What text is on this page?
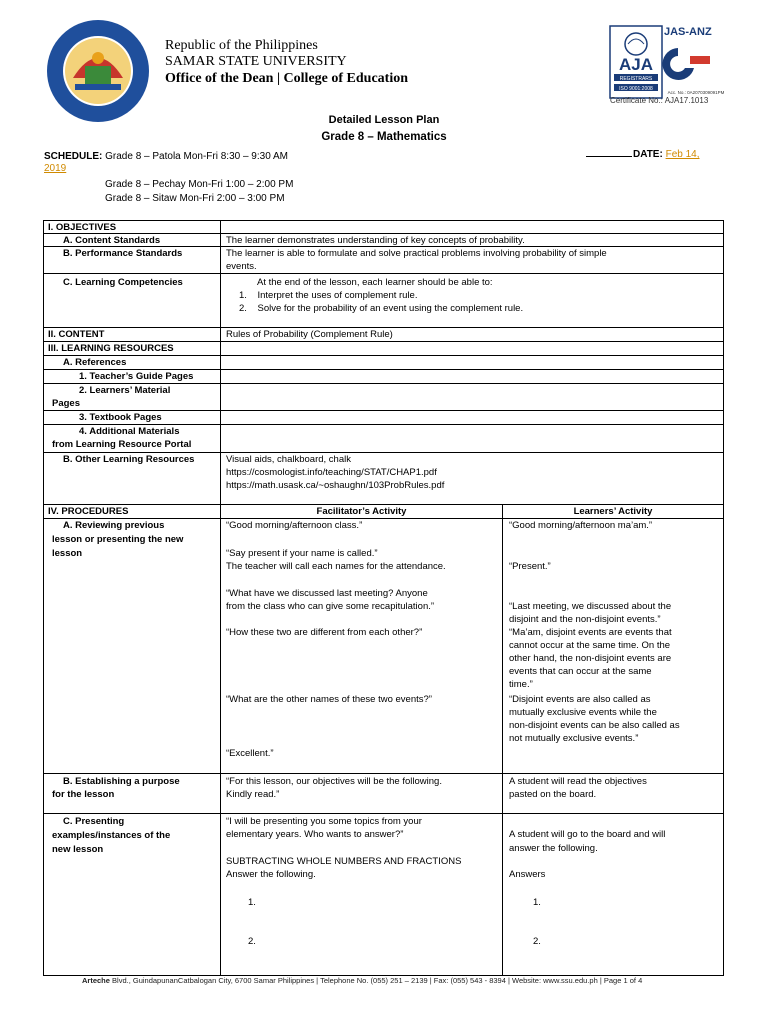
Republic of the Philippines
SAMAR STATE UNIVERSITY
Office of the Dean | College of Education
AJA
REGISTRARS
ISO 9001:2008
Acc. No.: 0A2070309091PM
JAS-ANZ
Certificate No.: AJA17.1013
Detailed Lesson Plan
Grade 8 – Mathematics
SCHEDULE: Grade 8 – Patola Mon-Fri 8:30 – 9:30 AM	DATE: Feb 14,
2019
Grade 8 – Pechay Mon-Fri 1:00 – 2:00 PM
Grade 8 – Sitaw Mon-Fri 2:00 – 3:00 PM
I. OBJECTIVES
A. Content Standards
B. Performance Standards
C. Learning Competencies
II. CONTENT
III. LEARNING RESOURCES
A. References
1. Teacher’s Guide Pages
2. Learners’ Material
Pages
3. Textbook Pages
4. Additional Materials
from Learning Resource Portal
B. Other Learning Resources
IV. PROCEDURES
A. Reviewing previous
lesson or presenting the new
lesson
B. Establishing a purpose
for the lesson
C. Presenting
examples/instances of the
new lesson
The learner demonstrates understanding of key concepts of probability.
The learner is able to formulate and solve practical problems involving probability of simple
events.
At the end of the lesson, each learner should be able to:
1.    Interpret the uses of complement rule.
2.    Solve for the probability of an event using the complement rule.
Rules of Probability (Complement Rule)
Visual aids, chalkboard, chalk
https://cosmologist.info/teaching/STAT/CHAP1.pdf
https://math.usask.ca/~oshaughn/103ProbRules.pdf
Facilitator’s Activity	Learners’ Activity
“Good morning/afternoon class.”
“Say present if your name is called.”
The teacher will call each names for the attendance.
“What have we discussed last meeting? Anyone
from the class who can give some recapitulation.”
“How these two are different from each other?”
“What are the other names of these two events?”
“Excellent.”
“Good morning/afternoon ma’am.”
“Present.”
“Last meeting, we discussed about the
disjoint and the non-disjoint events.”
“Ma’am, disjoint events are events that
cannot occur at the same time. On the
other hand, the non-disjoint events are
events that can occur at the same
time.”
“Disjoint events are also called as
mutually exclusive events while the
non-disjoint events can be also called as
not mutually exclusive events.”
“For this lesson, our objectives will be the following.
Kindly read.”
A student will read the objectives
pasted on the board.
“I will be presenting you some topics from your
elementary years. Who wants to answer?”
SUBTRACTING WHOLE NUMBERS AND FRACTIONS
Answer the following.
1.
2.
A student will go to the board and will
answer the following.
Answers
1.
2.
Arteche Blvd., GuindapunanCatbalogan City, 6700 Samar Philippines | Telephone No. (055) 251 – 2139 | Fax: (055) 543 - 8394 | Website: www.ssu.edu.ph | Page 1 of 4
